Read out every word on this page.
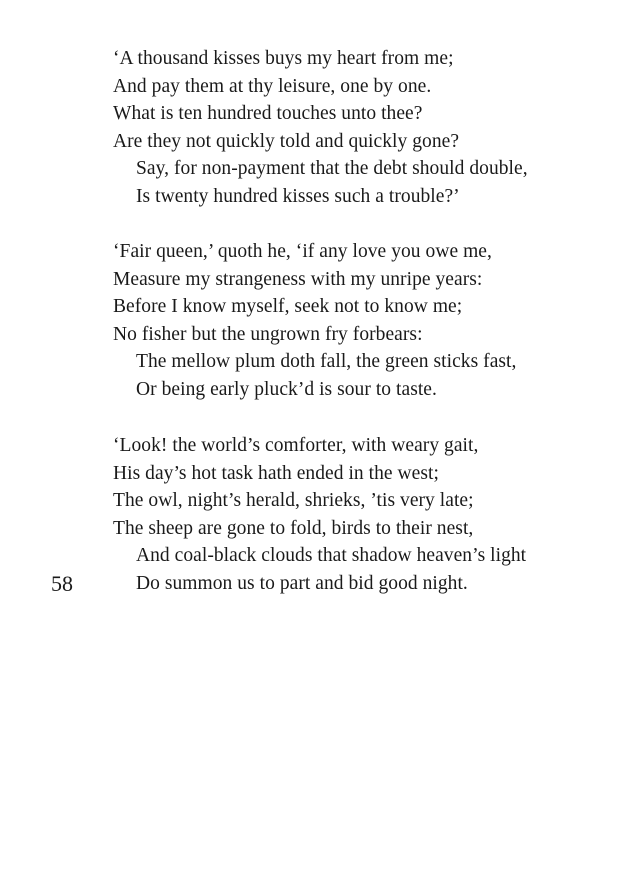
‘A thousand kisses buys my heart from me;
And pay them at thy leisure, one by one.
What is ten hundred touches unto thee?
Are they not quickly told and quickly gone?
Say, for non-payment that the debt should double,
Is twenty hundred kisses such a trouble?’
‘Fair queen,’ quoth he, ‘if any love you owe me,
Measure my strangeness with my unripe years:
Before I know myself, seek not to know me;
No fisher but the ungrown fry forbears:
The mellow plum doth fall, the green sticks fast,
Or being early pluck’d is sour to taste.
‘Look! the world’s comforter, with weary gait,
His day’s hot task hath ended in the west;
The owl, night’s herald, shrieks, ’tis very late;
The sheep are gone to fold, birds to their nest,
And coal-black clouds that shadow heaven’s light
Do summon us to part and bid good night.
58
